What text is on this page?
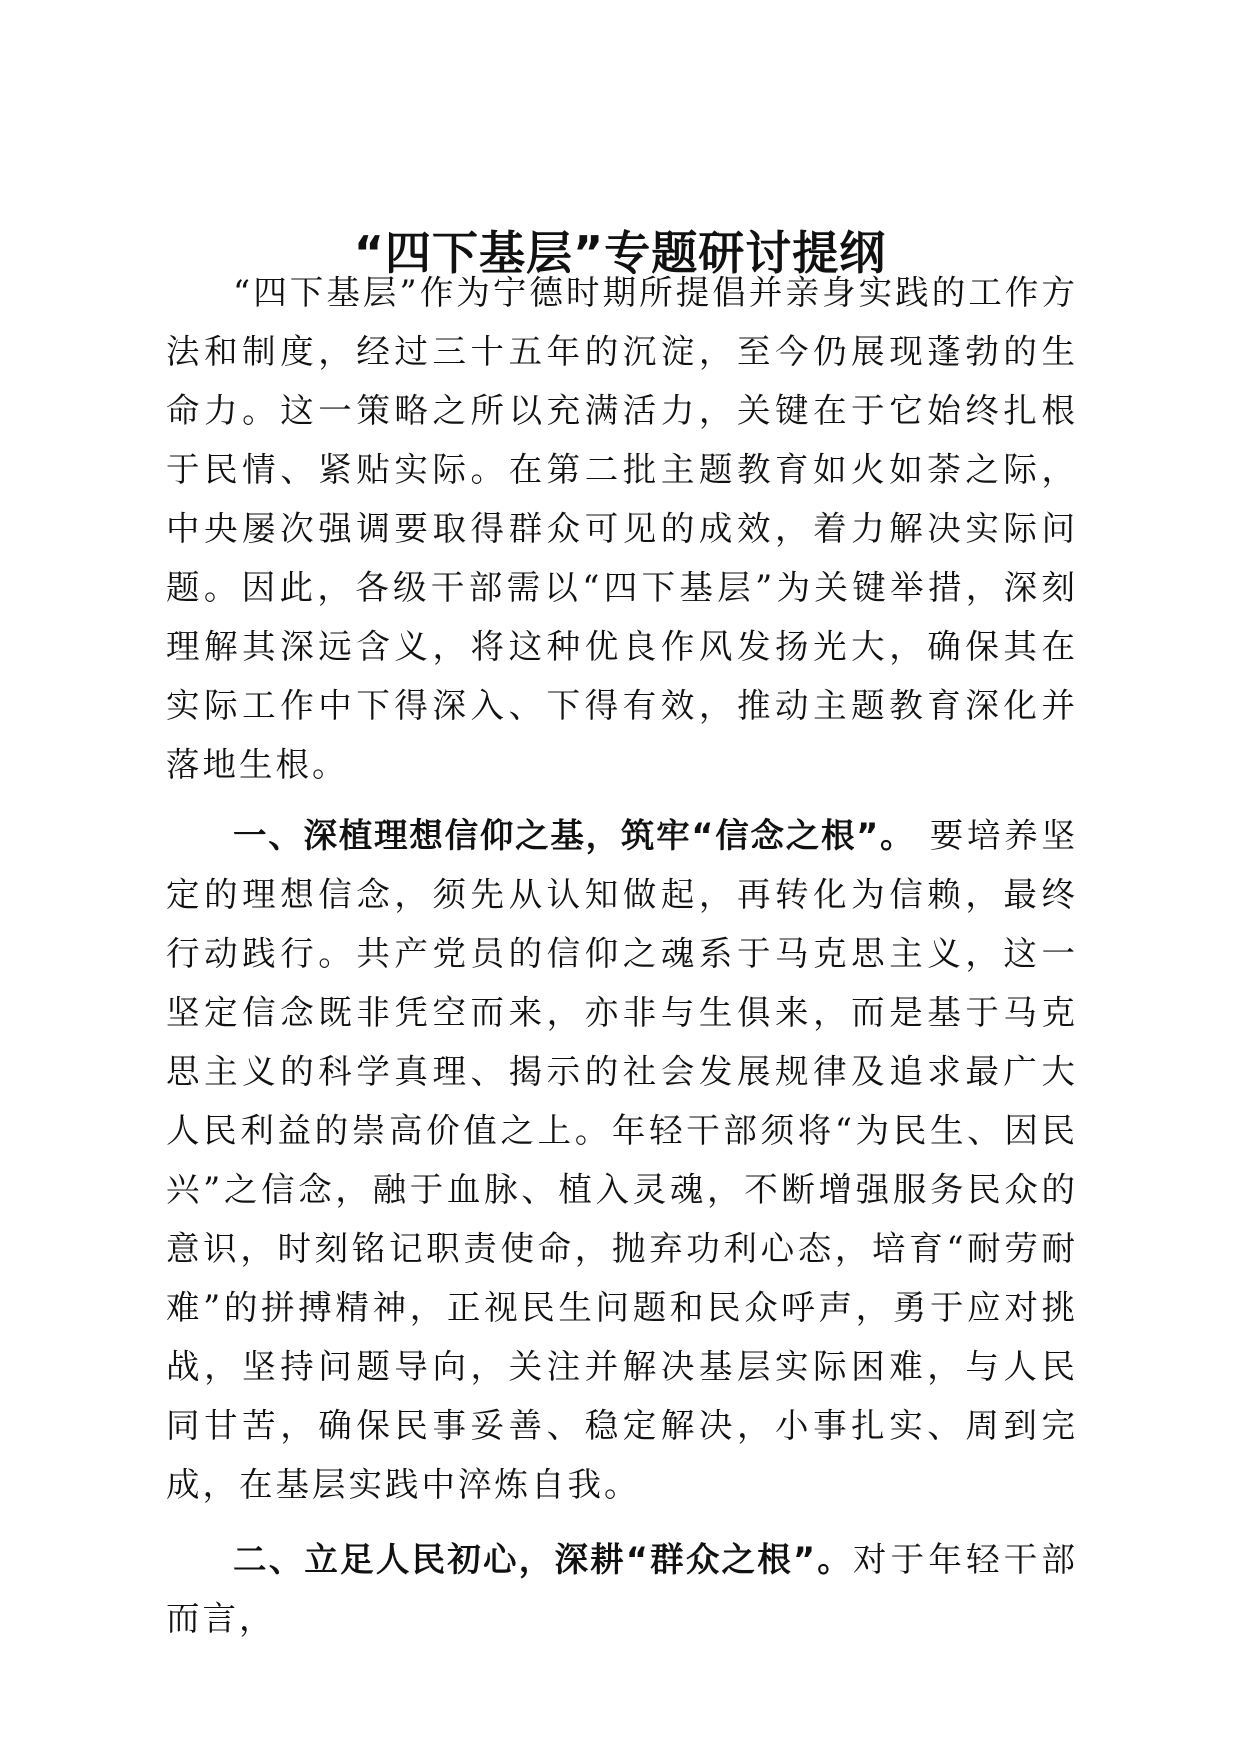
“四下基层”专题研讨提纲

“四下基层”作为宁德时期所提倡并亲身实践的工作方法和制度，经过三十五年的沉淀，至今仍展现蓬勃的生命力。这一策略之所以充满活力，关键在于它始终扎根于民情、紧贴实际。在第二批主题教育如火如荼之际，中央屡次强调要取得群众可见的成效，着力解决实际问题。因此，各级干部需以“四下基层”为关键举措，深刻理解其深远含义，将这种优良作风发扬光大，确保其在实际工作中下得深入、下得有效，推动主题教育深化并落地生根。

一、深植理想信仰之基，筑牢“信念之根”。 要培养坚定的理想信念，须先从认知做起，再转化为信赖，最终行动践行。共产党员的信仰之魂系于马克思主义，这一坚定信念既非凭空而来，亦非与生俱来，而是基于马克思主义的科学真理、揭示的社会发展规律及追求最广大人民利益的崇高价值之上。年轻干部须将“为民生、因民兴”之信念，融于血脉、植入灵魂，不断增强服务民众的意识，时刻铭记职责使命，抛弃功利心态，培育“耐劳耐难”的拼搏精神，正视民生问题和民众呼声，勇于应对挑战，坚持问题导向，关注并解决基层实际困难，与人民同甘苦，确保民事妥善、稳定解决，小事扎实、周到完成，在基层实践中淬炼自我。

二、立足人民初心，深耕“群众之根”。对于年轻干部而言，
